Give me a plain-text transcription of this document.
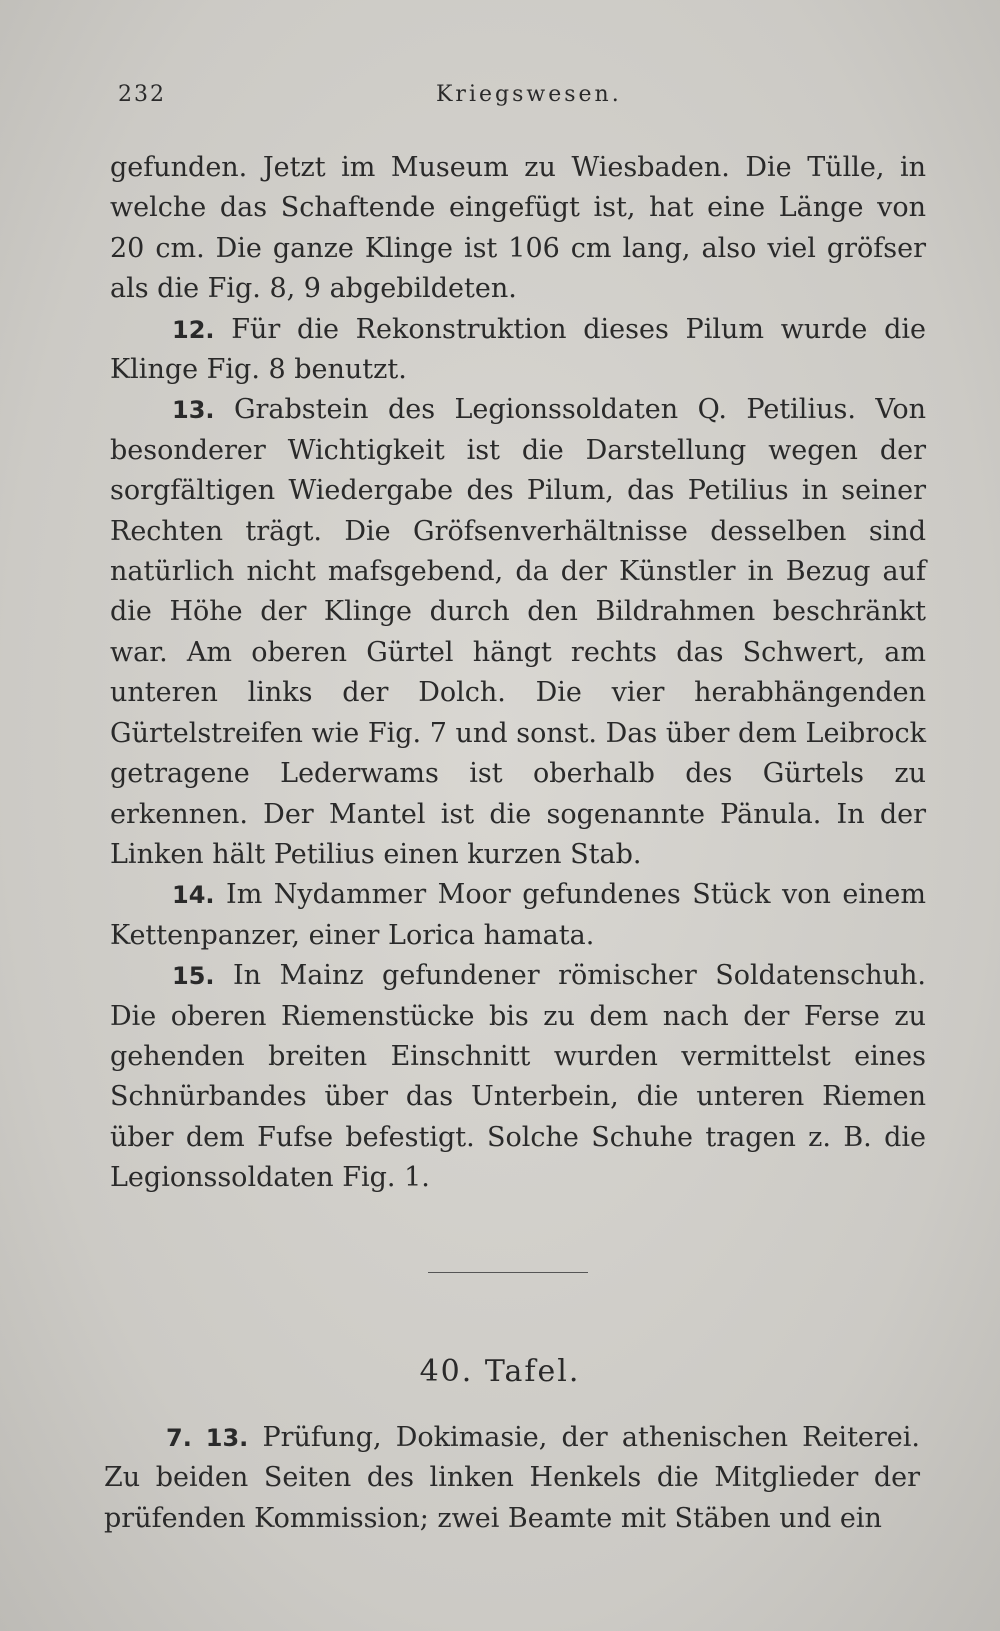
232	Kriegswesen.

gefunden. Jetzt im Museum zu Wiesbaden. Die Tülle, in welche das Schaftende eingefügt ist, hat eine Länge von 20 cm. Die ganze Klinge ist 106 cm lang, also viel gröfser als die Fig. 8, 9 abgebildeten.

12. Für die Rekonstruktion dieses Pilum wurde die Klinge Fig. 8 benutzt.

13. Grabstein des Legionssoldaten Q. Petilius. Von besonderer Wichtigkeit ist die Darstellung wegen der sorgfältigen Wiedergabe des Pilum, das Petilius in seiner Rechten trägt. Die Gröfsenverhältnisse desselben sind natürlich nicht mafsgebend, da der Künstler in Bezug auf die Höhe der Klinge durch den Bildrahmen beschränkt war. Am oberen Gürtel hängt rechts das Schwert, am unteren links der Dolch. Die vier herabhängenden Gürtelstreifen wie Fig. 7 und sonst. Das über dem Leibrock getragene Lederwams ist oberhalb des Gürtels zu erkennen. Der Mantel ist die sogenannte Pänula. In der Linken hält Petilius einen kurzen Stab.

14. Im Nydammer Moor gefundenes Stück von einem Kettenpanzer, einer Lorica hamata.

15. In Mainz gefundener römischer Soldatenschuh. Die oberen Riemenstücke bis zu dem nach der Ferse zu gehenden breiten Einschnitt wurden vermittelst eines Schnürbandes über das Unterbein, die unteren Riemen über dem Fufse befestigt. Solche Schuhe tragen z. B. die Legionssoldaten Fig. 1.

40. Tafel.

7. 13. Prüfung, Dokimasie, der athenischen Reiterei. Zu beiden Seiten des linken Henkels die Mitglieder der prüfenden Kommission; zwei Beamte mit Stäben und ein
